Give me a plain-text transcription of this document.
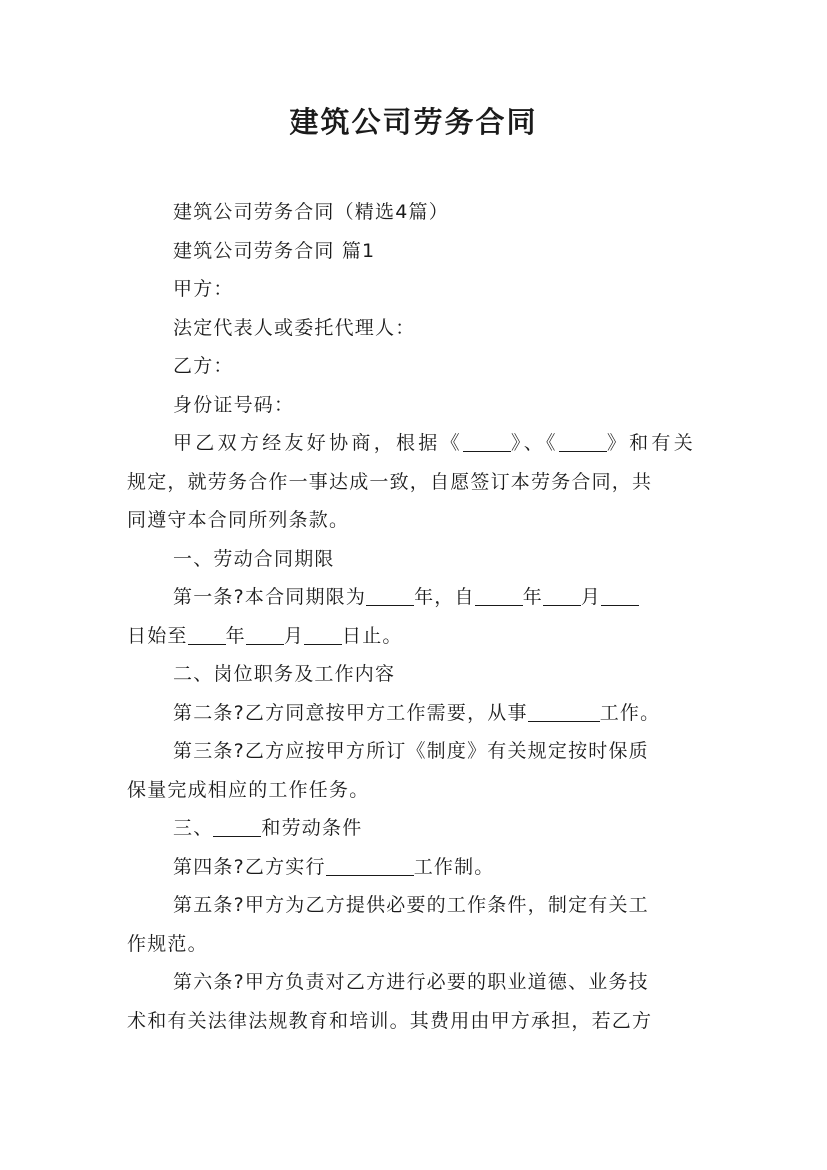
建筑公司劳务合同
建筑公司劳务合同（精选4篇）
建筑公司劳务合同 篇1
甲方：
法定代表人或委托代理人：
乙方：
身份证号码：
甲乙双方经友好协商，根据《	》、《	》和有关
规定，就劳务合作一事达成一致，自愿签订本劳务合同，共
同遵守本合同所列条款。
一、劳动合同期限
第一条?本合同期限为	年，自	年 月
日始至 年 月 日止。
二、岗位职务及工作内容
第二条?乙方同意按甲方工作需要，从事	工作。
第三条?乙方应按甲方所订《制度》有关规定按时保质
保量完成相应的工作任务。
三、	和劳动条件
第四条?乙方实行	工作制。
第五条?甲方为乙方提供必要的工作条件，制定有关工
作规范。
第六条?甲方负责对乙方进行必要的职业道德、业务技
术和有关法律法规教育和培训。其费用由甲方承担，若乙方
